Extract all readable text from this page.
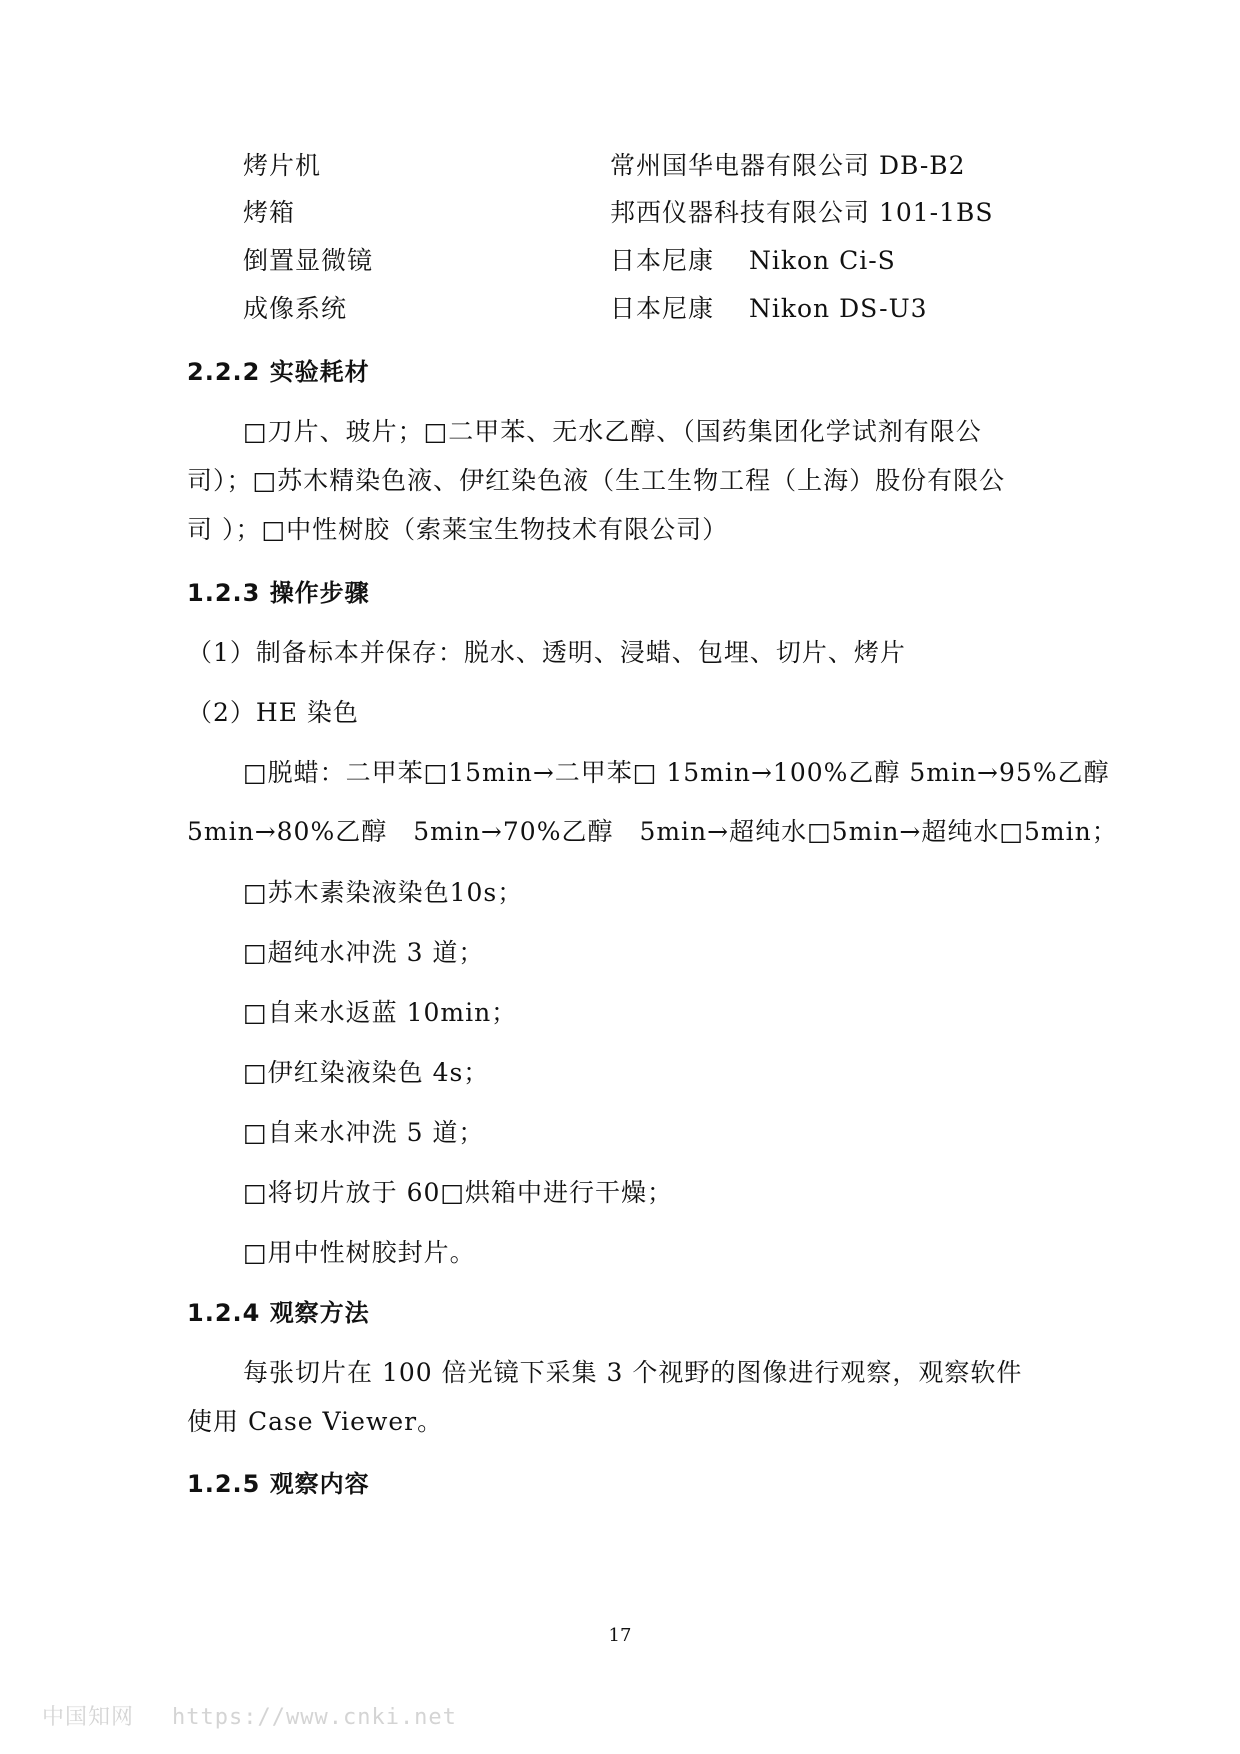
烤片机	常州国华电器有限公司 DB-B2
烤箱	邦西仪器科技有限公司 101-1BS
倒置显微镜	日本尼康　 Nikon Ci-S
成像系统	日本尼康　 Nikon DS-U3
2.2.2 实验耗材
□刀片、玻片；□二甲苯、无水乙醇、（国药集团化学试剂有限公
司）；□苏木精染色液、伊红染色液（生工生物工程（上海）股份有限公
司 ）；□中性树胶（索莱宝生物技术有限公司）
1.2.3 操作步骤
（1）制备标本并保存：脱水、透明、浸蜡、包埋、切片、烤片
（2）HE 染色
□脱蜡：二甲苯□15min→二甲苯□ 15min→100%乙醇 5min→95%乙醇
5min→80%乙醇　5min→70%乙醇　5min→超纯水□5min→超纯水□5min；
□苏木素染液染色10s；
□超纯水冲洗 3 道；
□自来水返蓝 10min；
□伊红染液染色 4s；
□自来水冲洗 5 道；
□将切片放于 60□烘箱中进行干燥；
□用中性树胶封片。
1.2.4 观察方法
每张切片在 100 倍光镜下采集 3 个视野的图像进行观察，观察软件
使用 Case Viewer。
1.2.5 观察内容
17
中国知网 https://www.cnki.net
